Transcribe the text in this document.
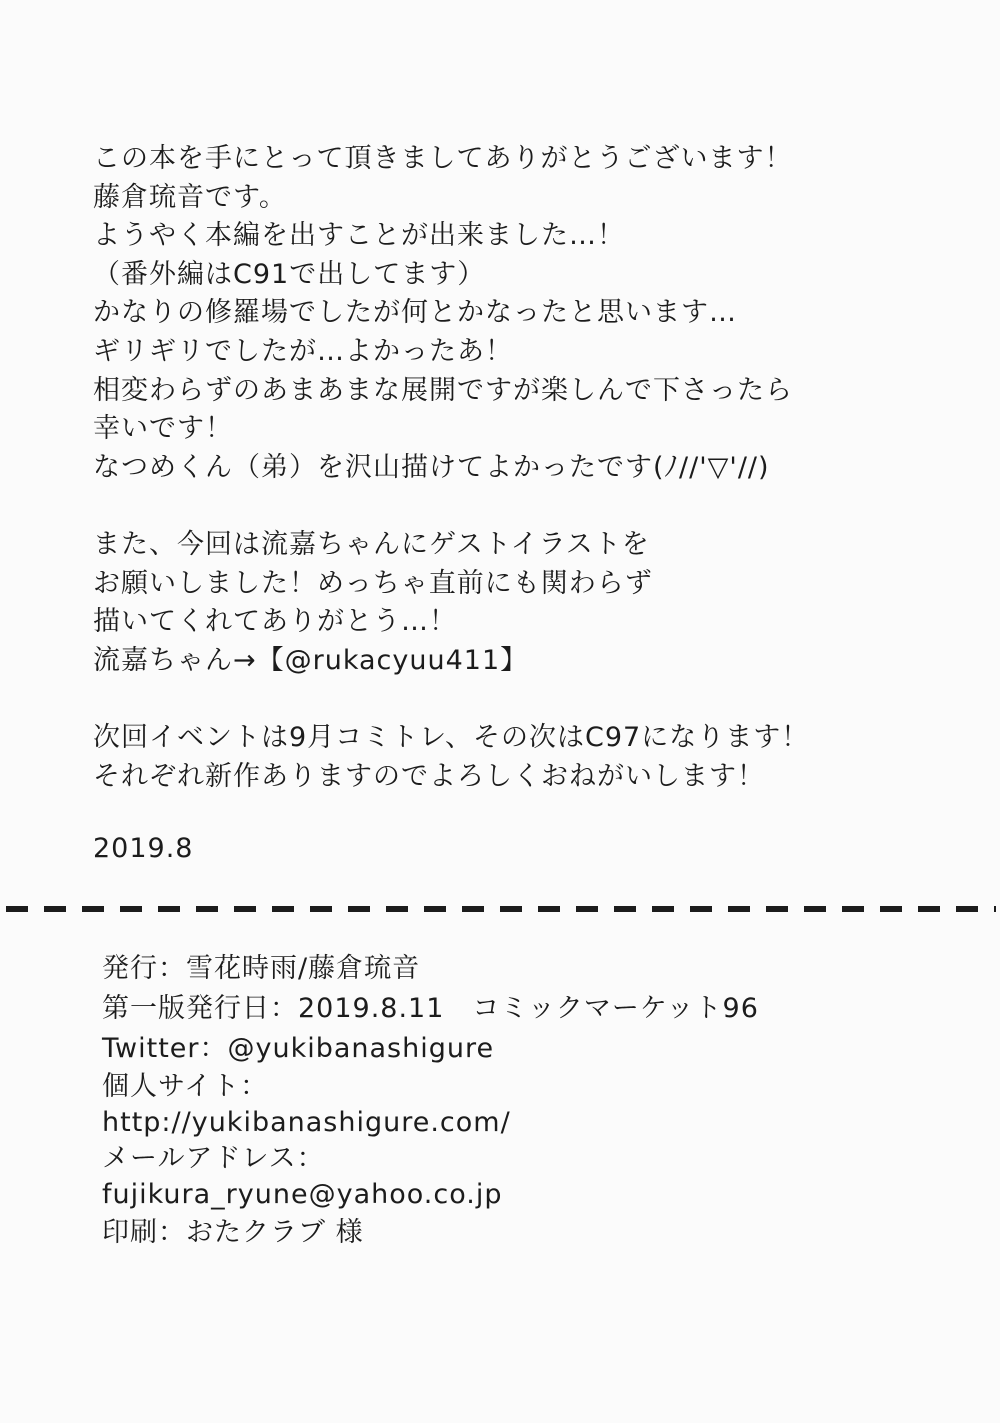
この本を手にとって頂きましてありがとうございます！
藤倉琉音です。
ようやく本編を出すことが出来ました…！
（番外編はC91で出してます）
かなりの修羅場でしたが何とかなったと思います…
ギリギリでしたが…よかったあ！
相変わらずのあまあまな展開ですが楽しんで下さったら
幸いです！
なつめくん（弟）を沢山描けてよかったです(ﾉ//'▽'//)
また、今回は流嘉ちゃんにゲストイラストを
お願いしました！めっちゃ直前にも関わらず
描いてくれてありがとう…！
流嘉ちゃん→【@rukacyuu411】
次回イベントは9月コミトレ、その次はC97になります！
それぞれ新作ありますのでよろしくおねがいします！
2019.8
発行：雪花時雨/藤倉琉音
第一版発行日：2019.8.11　コミックマーケット96
Twitter：@yukibanashigure
個人サイト：
http://yukibanashigure.com/
メールアドレス：
fujikura_ryune@yahoo.co.jp
印刷：おたクラブ 様
